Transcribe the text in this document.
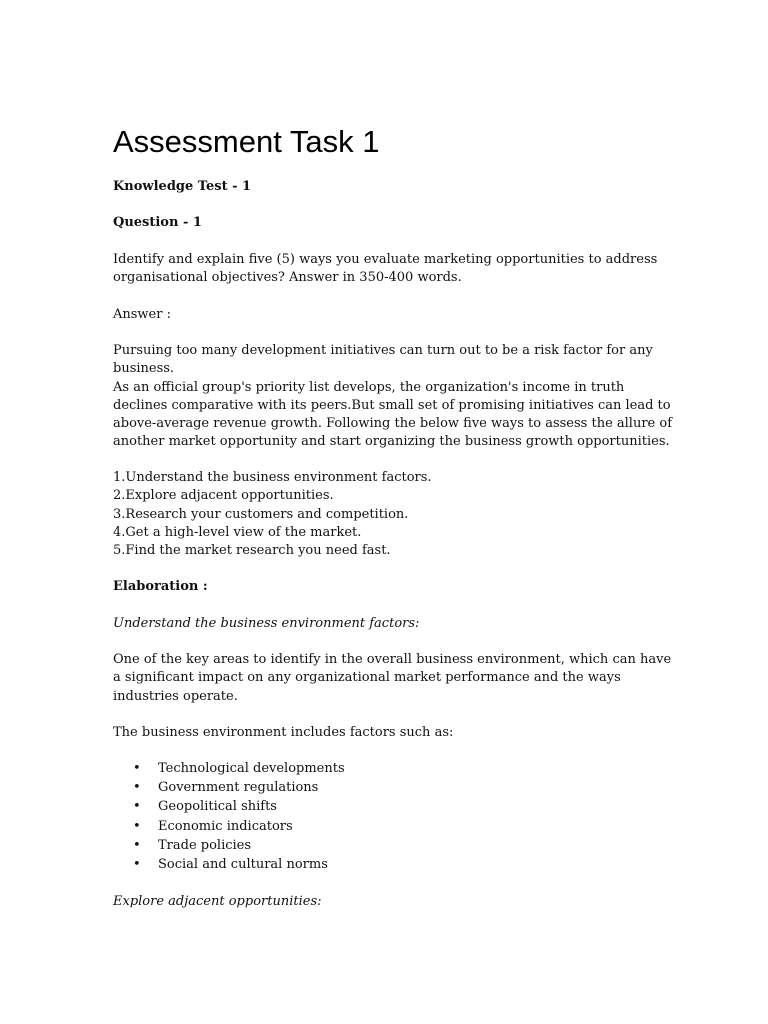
Assessment Task 1

Knowledge Test - 1

Question - 1

Identify and explain five (5) ways you evaluate marketing opportunities to address
organisational objectives? Answer in 350-400 words.

Answer :

Pursuing too many development initiatives can turn out to be a risk factor for any
business.
As an official group's priority list develops, the organization's income in truth
declines comparative with its peers.But small set of promising initiatives can lead to
above-average revenue growth. Following the below five ways to assess the allure of
another market opportunity and start organizing the business growth opportunities.

1.Understand the business environment factors.
2.Explore adjacent opportunities.
3.Research your customers and competition.
4.Get a high-level view of the market.
5.Find the market research you need fast.

Elaboration :

Understand the business environment factors:

One of the key areas to identify in the overall business environment, which can have
a significant impact on any organizational market performance and the ways
industries operate.

The business environment includes factors such as:

• Technological developments
• Government regulations
• Geopolitical shifts
• Economic indicators
• Trade policies
• Social and cultural norms

Explore adjacent opportunities:
